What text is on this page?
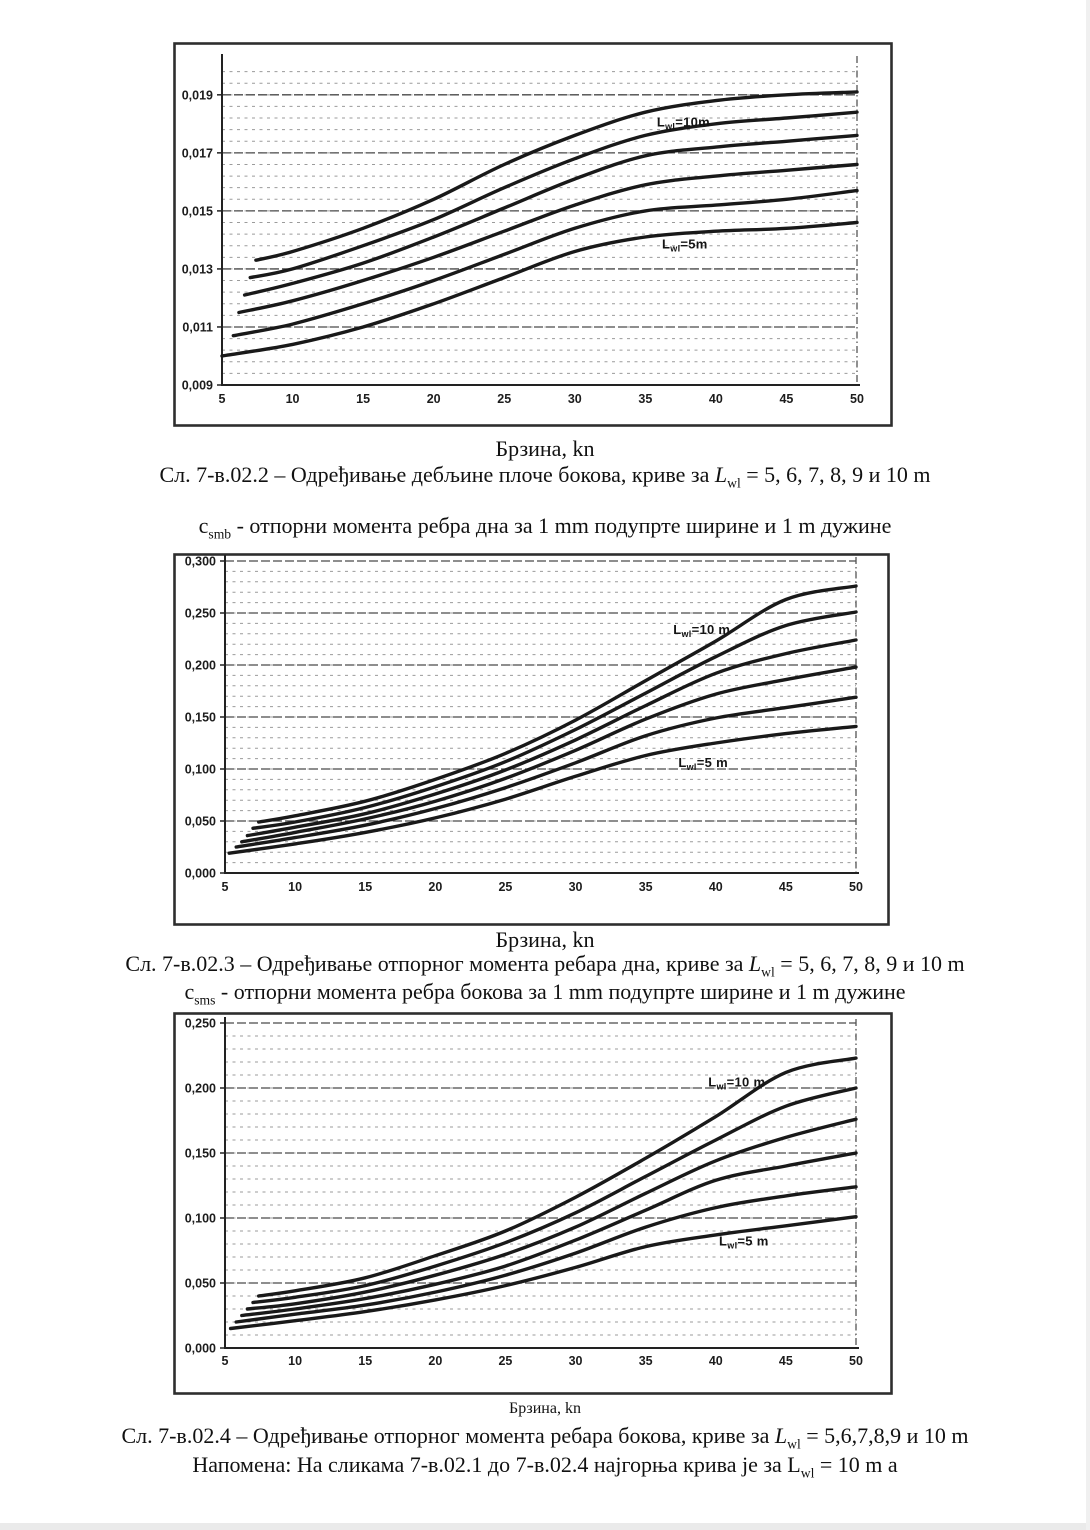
0,019
0,017
0,015
0,013
0,011
0,009
5	10	15	20	25	30	35	40	45	50
$L_{wl}=10m$
$L_{wl}=5m$
Брзина, kn
Сл. 7-в.02.2 – Одређивање дебљине плоче бокова, криве за $L_{wl} = 5$, 6, 7, 8, 9 и 10 m
$c_{smb}$ - отпорни момента ребра дна за 1 mm подупрте ширине и 1 m дужине
0,300
0,250
0,200
0,150
0,100
0,050
0,000
5	10	15	20	25	30	35	40	45	50
$L_{wl}=10$ m
$L_{wl}=5$ m
Брзина, kn
Сл. 7-в.02.3 – Одређивање отпорног момента ребара дна, криве за $L_{wl} = 5$, 6, 7, 8, 9 и 10 m
$c_{sms}$ - отпорни момента ребра бокова за 1 mm подупрте ширине и 1 m дужине
0,250
0,200
0,150
0,100
0,050
0,000
5	10	15	20	25	30	35	40	45	50
$L_{wl}=10$ m
$L_{wl}=5$ m
Брзина, kn
Сл. 7-в.02.4 – Одређивање отпорног момента ребара бокова, криве за $L_{wl} = 5,6,7,8,9$ и 10 m
Напомена: На сликама 7-в.02.1 до 7-в.02.4 најгорња крива је за $L_{wl} = 10$ m a
